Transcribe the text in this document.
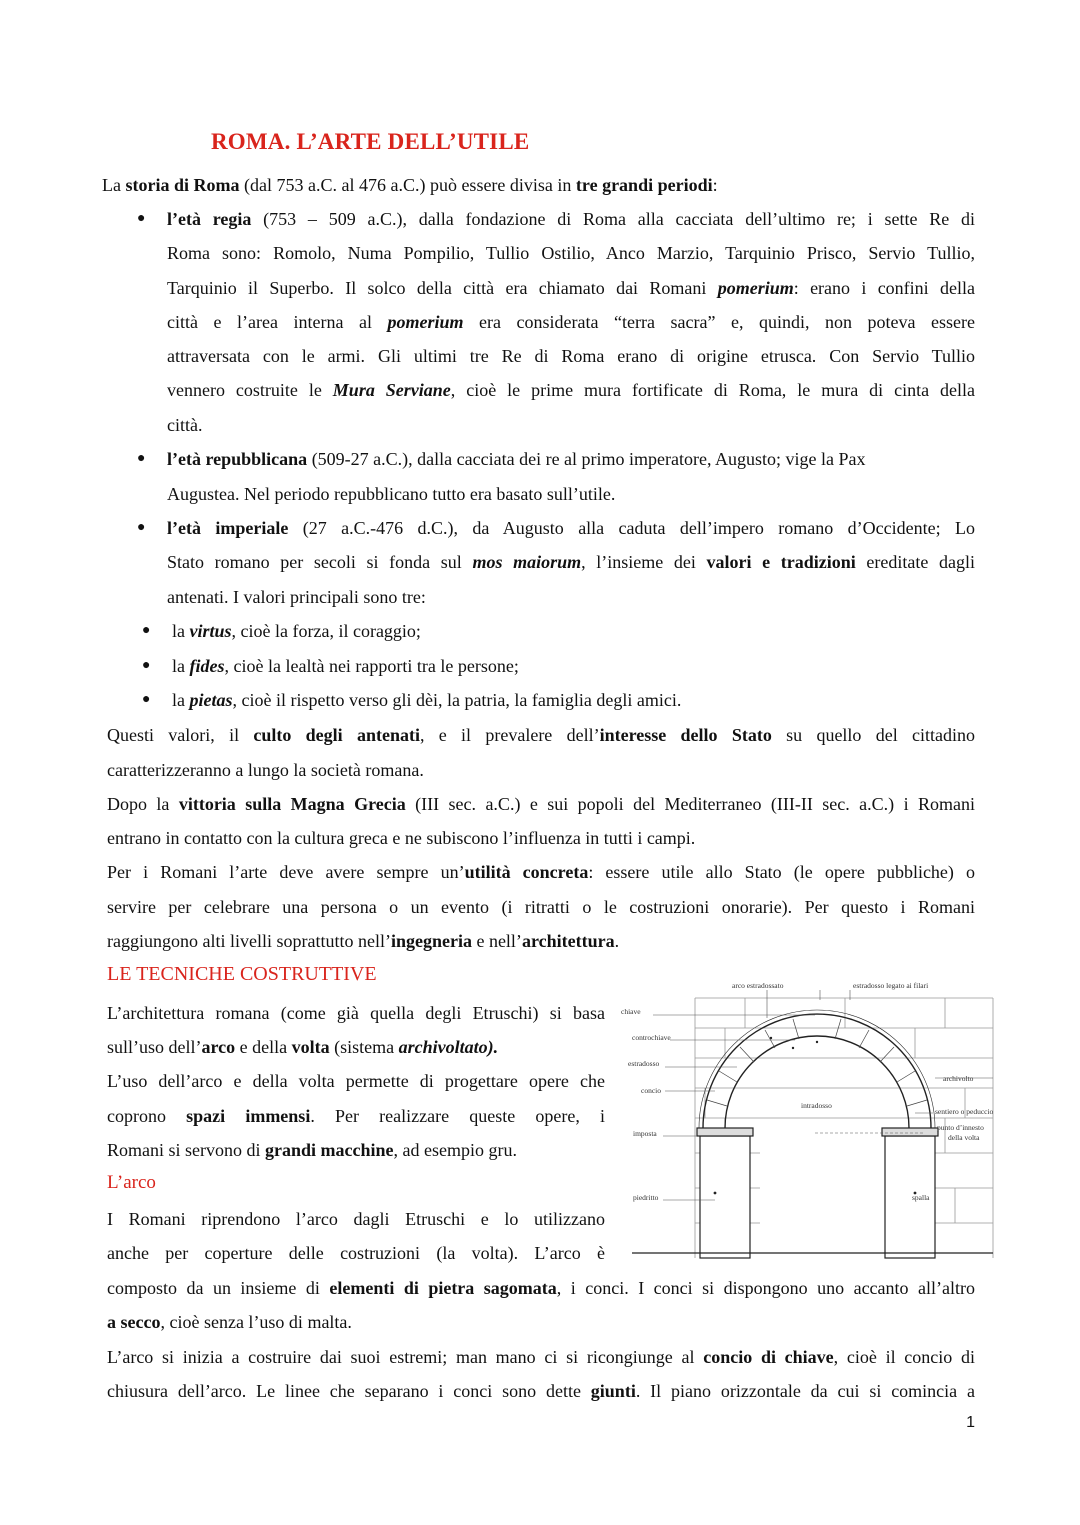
ROMA. L’ARTE DELL’UTILE
La storia di Roma (dal 753 a.C. al 476 a.C.) può essere divisa in tre grandi periodi:
● l’età regia (753 – 509 a.C.), dalla fondazione di Roma alla cacciata dell’ultimo re; i sette Re di
Roma sono: Romolo, Numa Pompilio, Tullio Ostilio, Anco Marzio, Tarquinio Prisco, Servio Tullio,
Tarquinio il Superbo. Il solco della città era chiamato dai Romani pomerium: erano i confini della
città e l’area interna al pomerium era considerata “terra sacra” e, quindi, non poteva essere
attraversata con le armi. Gli ultimi tre Re di Roma erano di origine etrusca. Con Servio Tullio
vennero costruite le Mura Serviane, cioè le prime mura fortificate di Roma, le mura di cinta della
città.
● l’età repubblicana (509-27 a.C.), dalla cacciata dei re al primo imperatore, Augusto; vige la Pax
Augustea. Nel periodo repubblicano tutto era basato sull’utile.
● l’età imperiale (27 a.C.-476 d.C.), da Augusto alla caduta dell’impero romano d’Occidente; Lo
Stato romano per secoli si fonda sul mos maiorum, l’insieme dei valori e tradizioni ereditate dagli
antenati. I valori principali sono tre:
● la virtus, cioè la forza, il coraggio;
● la fides, cioè la lealtà nei rapporti tra le persone;
● la pietas, cioè il rispetto verso gli dèi, la patria, la famiglia degli amici.
Questi valori, il culto degli antenati, e il prevalere dell’interesse dello Stato su quello del cittadino
caratterizzeranno a lungo la società romana.
Dopo la vittoria sulla Magna Grecia (III sec. a.C.) e sui popoli del Mediterraneo (III-II sec. a.C.) i Romani
entrano in contatto con la cultura greca e ne subiscono l’influenza in tutti i campi.
Per i Romani l’arte deve avere sempre un’utilità concreta: essere utile allo Stato (le opere pubbliche) o
servire per celebrare una persona o un evento (i ritratti o le costruzioni onorarie). Per questo i Romani
raggiungono alti livelli soprattutto nell’ingegneria e nell’architettura.
LE TECNICHE COSTRUTTIVE
L’architettura romana (come già quella degli Etruschi) si basa
sull’uso dell’arco e della volta (sistema archivoltato).
L’uso dell’arco e della volta permette di progettare opere che
coprono spazi immensi. Per realizzare queste opere, i
Romani si servono di grandi macchine, ad esempio gru.
L’arco
I Romani riprendono l’arco dagli Etruschi e lo utilizzano
anche per coperture delle costruzioni (la volta). L’arco è
composto da un insieme di elementi di pietra sagomata, i conci. I conci si dispongono uno accanto all’altro
a secco, cioè senza l’uso di malta.
L’arco si inizia a costruire dai suoi estremi; man mano ci si ricongiunge al concio di chiave, cioè il concio di
chiusura dell’arco. Le linee che separano i conci sono dette giunti. Il piano orizzontale da cui si comincia a
1
arco estradossato	estradosso legato ai filari
chiave
controchiave
estradosso
concio
intradosso
archivolto
sentiero o peduccio
punto d’innesto
della volta
imposta
piedritto	spalla
